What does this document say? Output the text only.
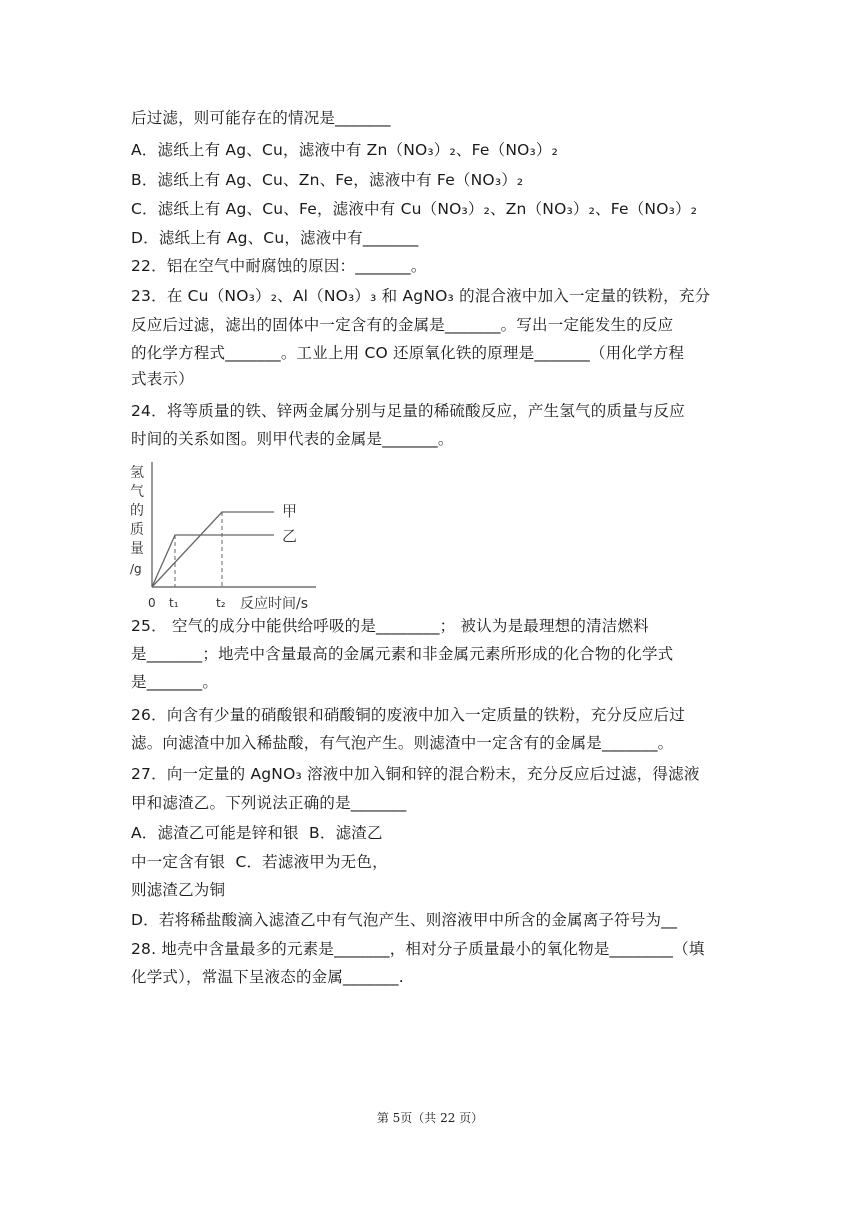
后过滤，则可能存在的情况是_______
A．滤纸上有 Ag、Cu，滤液中有 Zn（NO₃）₂、Fe（NO₃）₂
B．滤纸上有 Ag、Cu、Zn、Fe，滤液中有 Fe（NO₃）₂
C．滤纸上有 Ag、Cu、Fe，滤液中有 Cu（NO₃）₂、Zn（NO₃）₂、Fe（NO₃）₂
D．滤纸上有 Ag、Cu，滤液中有_______
22．铝在空气中耐腐蚀的原因：_______。
23．在 Cu（NO₃）₂、Al（NO₃）₃ 和 AgNO₃ 的混合液中加入一定量的铁粉，充分
反应后过滤，滤出的固体中一定含有的金属是_______。写出一定能发生的反应
的化学方程式_______。工业上用 CO 还原氧化铁的原理是_______（用化学方程
式表示）
24．将等质量的铁、锌两金属分别与足量的稀硫酸反应，产生氢气的质量与反应
时间的关系如图。则甲代表的金属是_______。
25． 空气的成分中能供给呼吸的是________； 被认为是最理想的清洁燃料
是_______；地壳中含量最高的金属元素和非金属元素所形成的化合物的化学式
是_______。
26．向含有少量的硝酸银和硝酸铜的废液中加入一定质量的铁粉，充分反应后过
滤。向滤渣中加入稀盐酸，有气泡产生。则滤渣中一定含有的金属是_______。
27．向一定量的 AgNO₃ 溶液中加入铜和锌的混合粉末，充分反应后过滤，得滤液
甲和滤渣乙。下列说法正确的是_______
A．滤渣乙可能是锌和银  B．滤渣乙
中一定含有银  C．若滤液甲为无色，
则滤渣乙为铜
D．若将稀盐酸滴入滤渣乙中有气泡产生、则溶液甲中所含的金属离子符号为__
28. 地壳中含量最多的元素是_______，相对分子质量最小的氧化物是________（填
化学式），常温下呈液态的金属_______.
氢
气
的
质
量
/g
甲
乙
0 t₁	t₂ 反应时间/s
第 5页（共 22 页）
